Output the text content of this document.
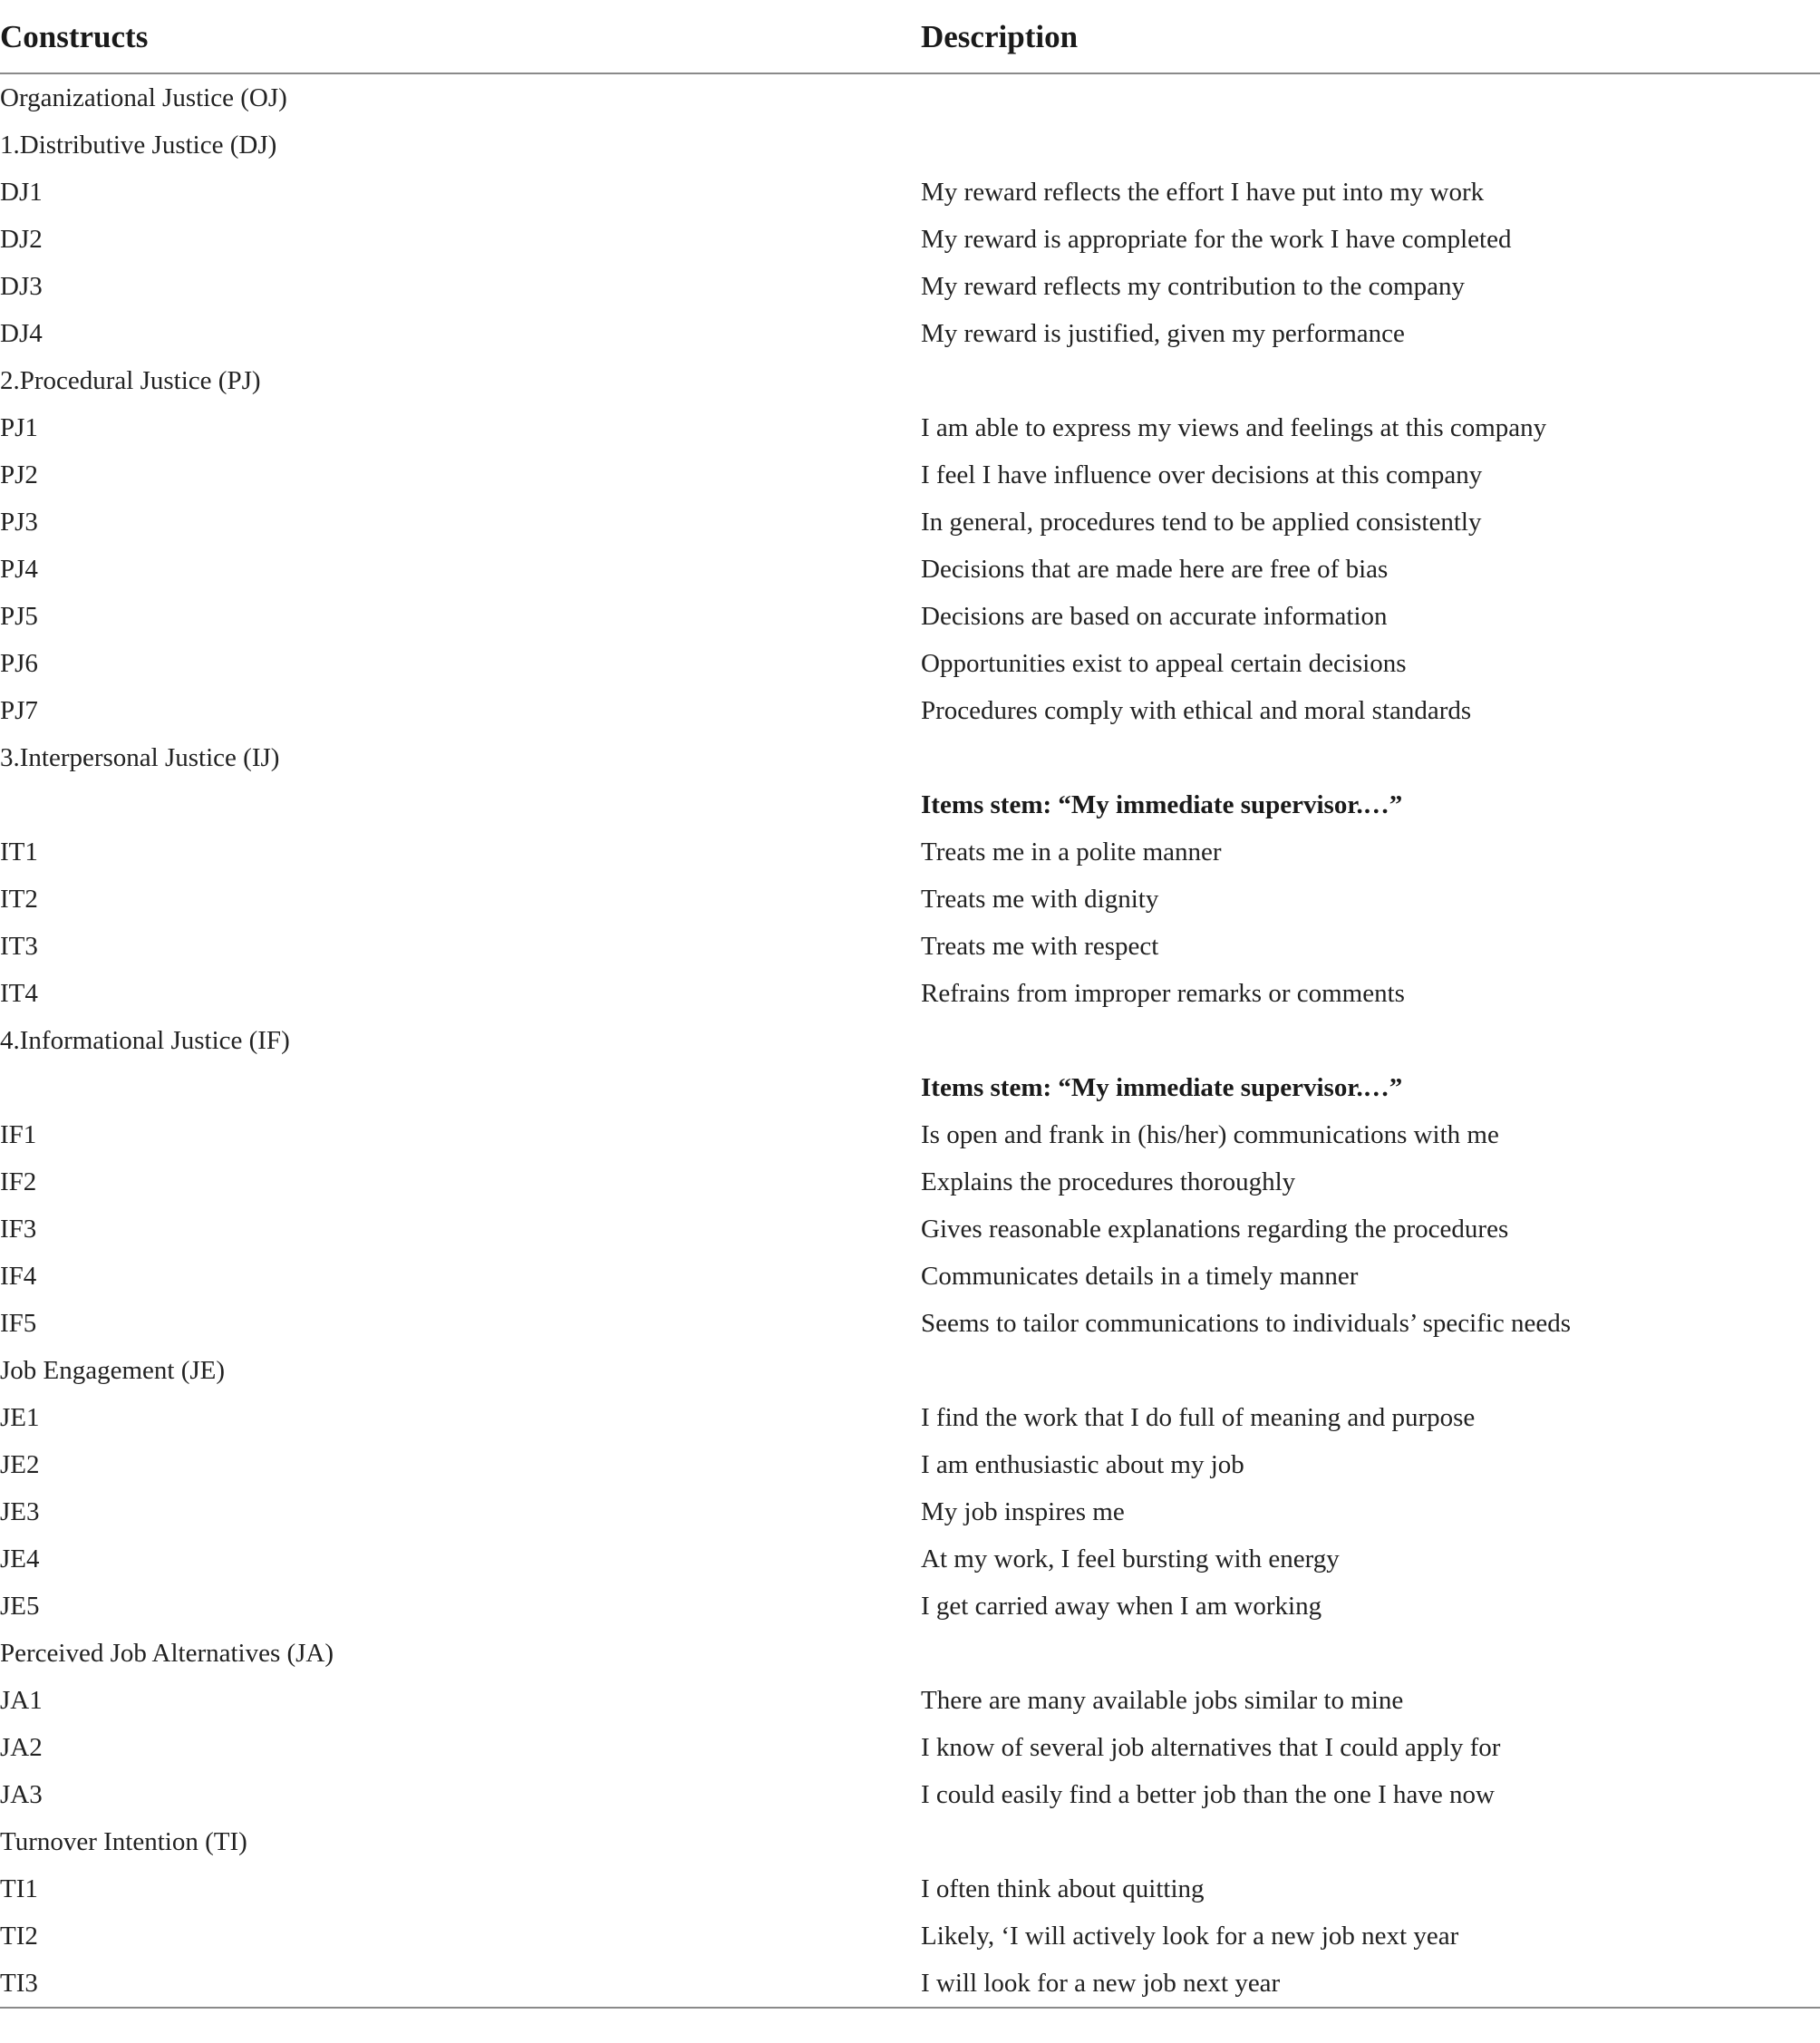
Constructs	Description

Organizational Justice (OJ)	
1.Distributive Justice (DJ)	
DJ1	My reward reflects the effort I have put into my work
DJ2	My reward is appropriate for the work I have completed
DJ3	My reward reflects my contribution to the company
DJ4	My reward is justified, given my performance
2.Procedural Justice (PJ)	
PJ1	I am able to express my views and feelings at this company
PJ2	I feel I have influence over decisions at this company
PJ3	In general, procedures tend to be applied consistently
PJ4	Decisions that are made here are free of bias
PJ5	Decisions are based on accurate information
PJ6	Opportunities exist to appeal certain decisions
PJ7	Procedures comply with ethical and moral standards
3.Interpersonal Justice (IJ)	
	Items stem: “My immediate supervisor.…”
IT1	Treats me in a polite manner
IT2	Treats me with dignity
IT3	Treats me with respect
IT4	Refrains from improper remarks or comments
4.Informational Justice (IF)	
	Items stem: “My immediate supervisor.…”
IF1	Is open and frank in (his/her) communications with me
IF2	Explains the procedures thoroughly
IF3	Gives reasonable explanations regarding the procedures
IF4	Communicates details in a timely manner
IF5	Seems to tailor communications to individuals’ specific needs
Job Engagement (JE)	
JE1	I find the work that I do full of meaning and purpose
JE2	I am enthusiastic about my job
JE3	My job inspires me
JE4	At my work, I feel bursting with energy
JE5	I get carried away when I am working
Perceived Job Alternatives (JA)	
JA1	There are many available jobs similar to mine
JA2	I know of several job alternatives that I could apply for
JA3	I could easily find a better job than the one I have now
Turnover Intention (TI)	
TI1	I often think about quitting
TI2	Likely, ‘I will actively look for a new job next year
TI3	I will look for a new job next year
